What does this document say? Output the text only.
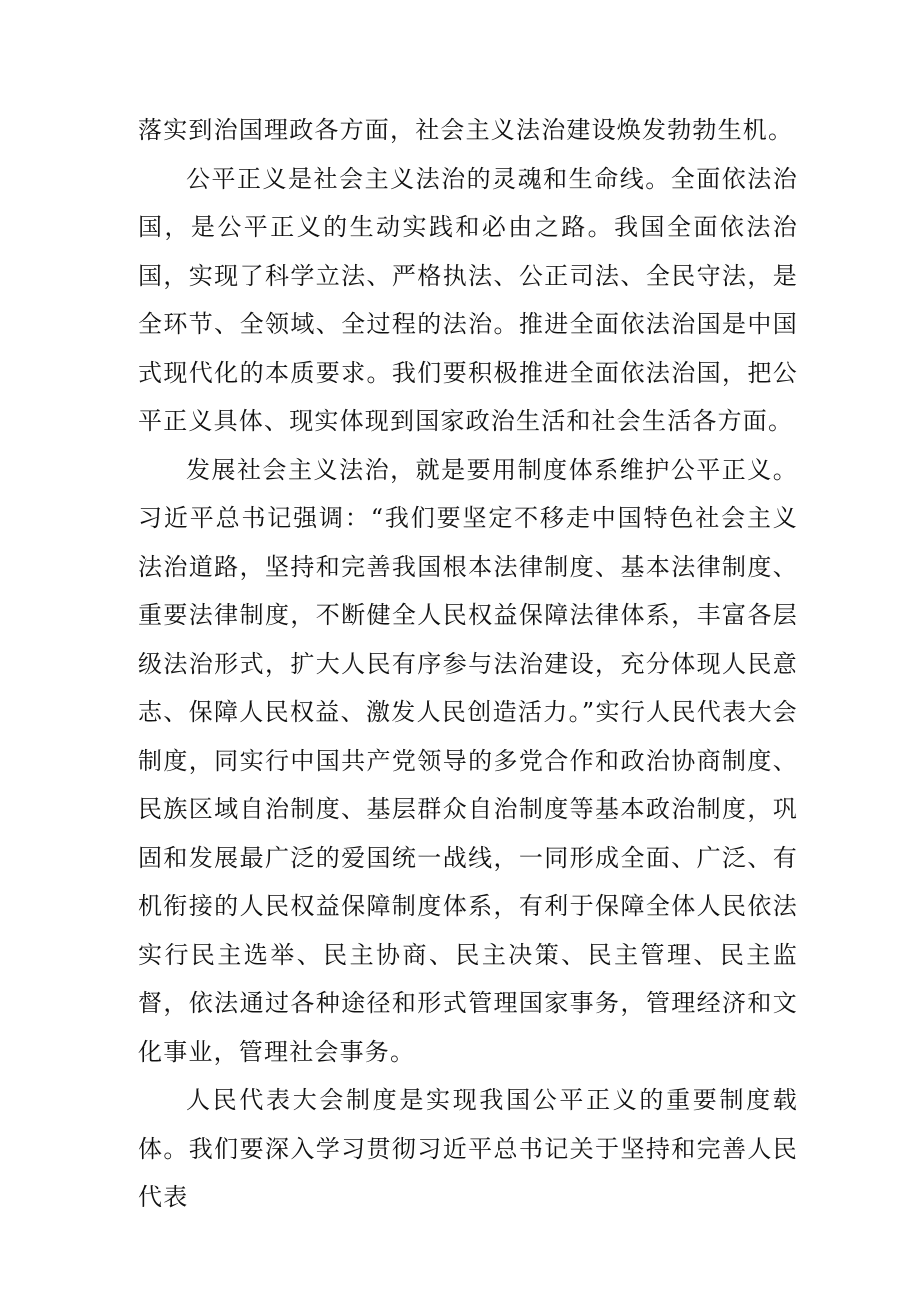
落实到治国理政各方面，社会主义法治建设焕发勃勃生机。

公平正义是社会主义法治的灵魂和生命线。全面依法治国，是公平正义的生动实践和必由之路。我国全面依法治国，实现了科学立法、严格执法、公正司法、全民守法，是全环节、全领域、全过程的法治。推进全面依法治国是中国式现代化的本质要求。我们要积极推进全面依法治国，把公平正义具体、现实体现到国家政治生活和社会生活各方面。

发展社会主义法治，就是要用制度体系维护公平正义。习近平总书记强调：“我们要坚定不移走中国特色社会主义法治道路，坚持和完善我国根本法律制度、基本法律制度、重要法律制度，不断健全人民权益保障法律体系，丰富各层级法治形式，扩大人民有序参与法治建设，充分体现人民意志、保障人民权益、激发人民创造活力。”实行人民代表大会制度，同实行中国共产党领导的多党合作和政治协商制度、民族区域自治制度、基层群众自治制度等基本政治制度，巩固和发展最广泛的爱国统一战线，一同形成全面、广泛、有机衔接的人民权益保障制度体系，有利于保障全体人民依法实行民主选举、民主协商、民主决策、民主管理、民主监督，依法通过各种途径和形式管理国家事务，管理经济和文化事业，管理社会事务。

人民代表大会制度是实现我国公平正义的重要制度载体。我们要深入学习贯彻习近平总书记关于坚持和完善人民代表
